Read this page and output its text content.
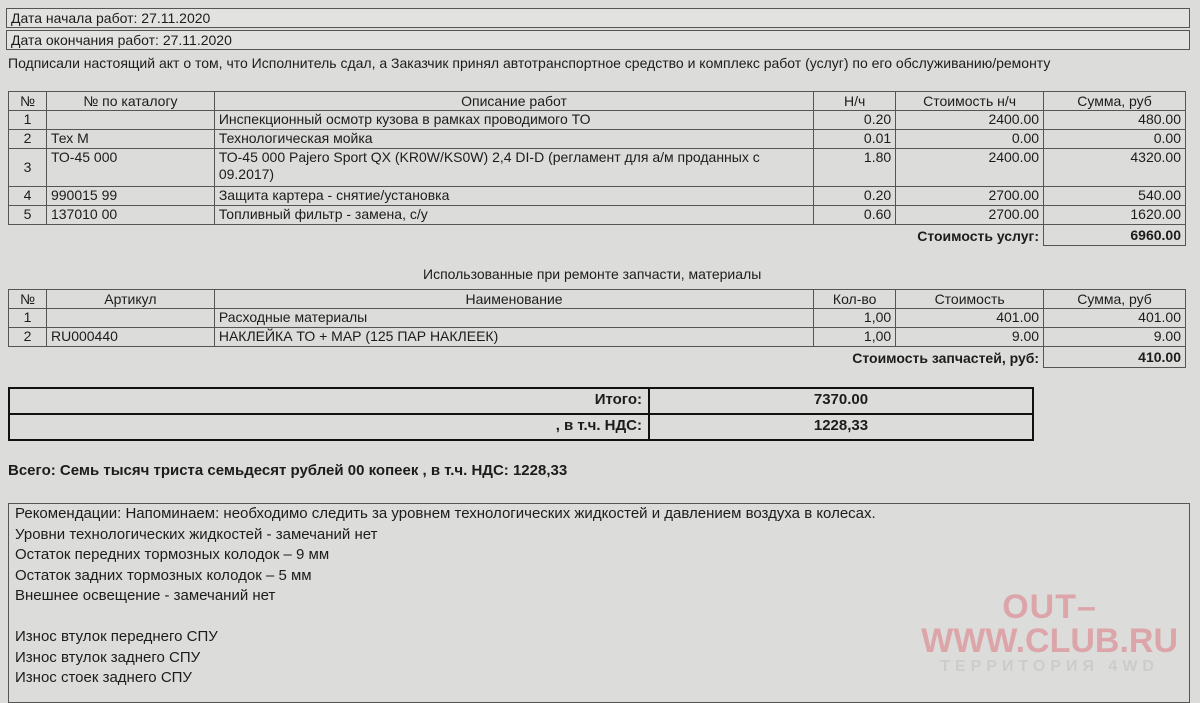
Дата начала работ: 27.11.2020
Дата окончания работ: 27.11.2020
Подписали настоящий акт о том, что Исполнитель сдал, а Заказчик принял автотранспортное средство и комплекс работ (услуг) по его обслуживанию/ремонту
№	№ по каталогу	Описание работ	Н/ч	Стоимость н/ч	Сумма, руб
1		Инспекционный осмотр кузова в рамках проводимого ТО	0.20	2400.00	480.00
2	Тех М	Технологическая мойка	0.01	0.00	0.00
3	ТО-45 000	ТО-45 000 Pajero Sport QX (KR0W/KS0W) 2,4 DI-D (регламент для а/м проданных с 09.2017)	1.80	2400.00	4320.00
4	990015 99	Защита картера - снятие/установка	0.20	2700.00	540.00
5	137010 00	Топливный фильтр - замена, с/у	0.60	2700.00	1620.00
Стоимость услуг:					6960.00
Использованные при ремонте запчасти, материалы
№	Артикул	Наименование	Кол-во	Стоимость	Сумма, руб
1		Расходные материалы	1,00	401.00	401.00
2	RU000440	НАКЛЕЙКА ТО + МАР (125 ПАР НАКЛЕЕК)	1,00	9.00	9.00
Стоимость запчастей, руб:					410.00
Итого:	7370.00
, в т.ч. НДС:	1228,33
Всего: Семь тысяч триста семьдесят рублей 00 копеек , в т.ч. НДС: 1228,33
Рекомендации: Напоминаем: необходимо следить за уровнем технологических жидкостей и давлением воздуха в колесах.
Уровни технологических жидкостей - замечаний нет
Остаток передних тормозных колодок – 9 мм
Остаток задних тормозных колодок – 5 мм
Внешнее освещение - замечаний нет
Износ втулок переднего СПУ
Износ втулок заднего СПУ
Износ стоек заднего СПУ
OUT–
WWW.CLUB.RU
ТЕРРИТОРИЯ 4WD
